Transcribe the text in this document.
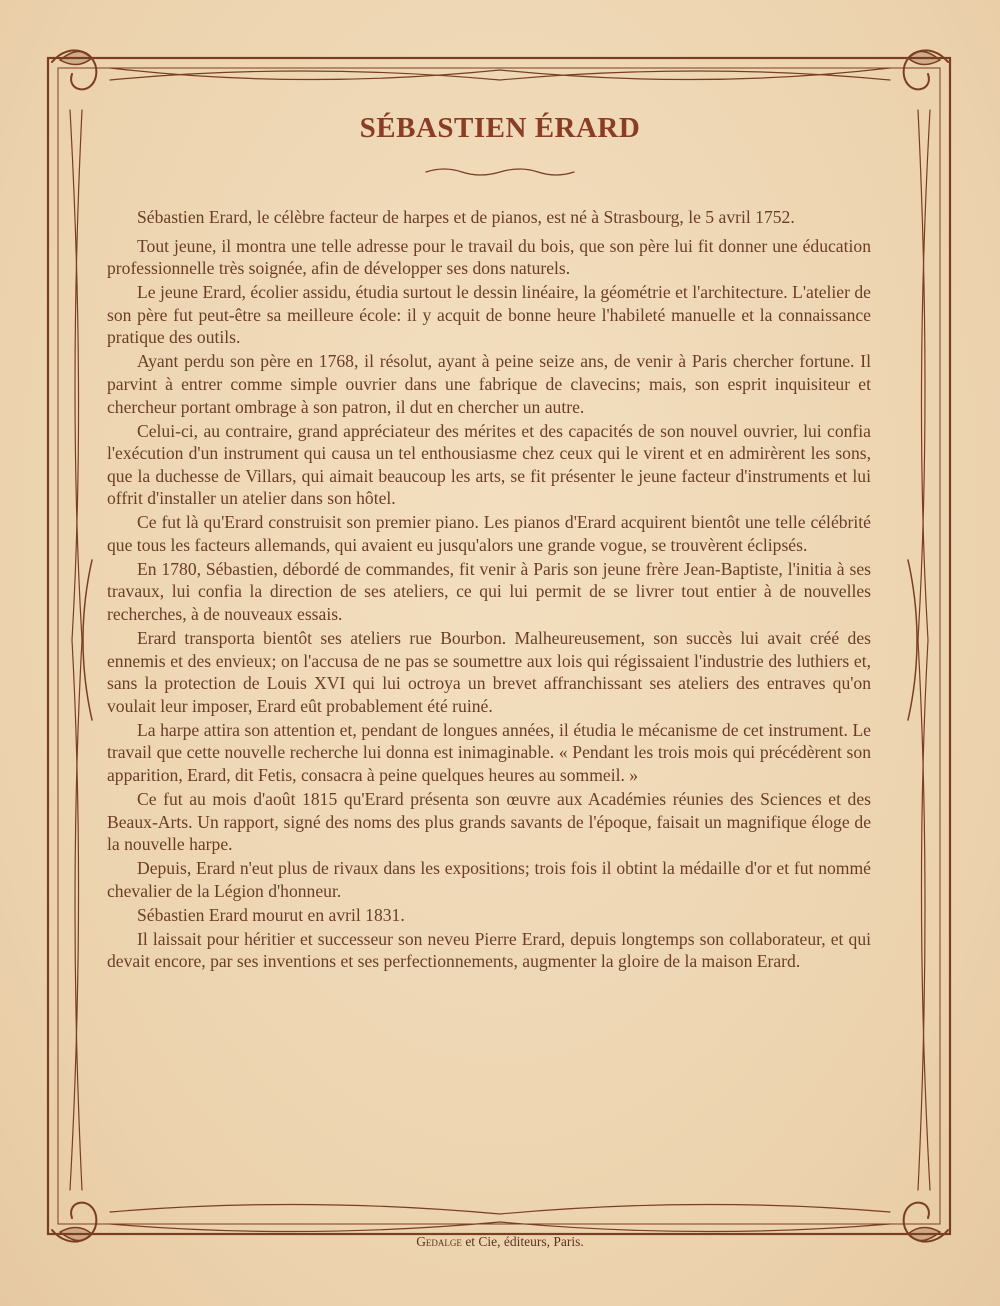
SÉBASTIEN ÉRARD

Sébastien Erard, le célèbre facteur de harpes et de pianos, est né à Strasbourg, le 5 avril 1752.

Tout jeune, il montra une telle adresse pour le travail du bois, que son père lui fit donner une éducation professionnelle très soignée, afin de développer ses dons naturels.

Le jeune Erard, écolier assidu, étudia surtout le dessin linéaire, la géométrie et l'architecture. L'atelier de son père fut peut-être sa meilleure école: il y acquit de bonne heure l'habileté manuelle et la connaissance pratique des outils.

Ayant perdu son père en 1768, il résolut, ayant à peine seize ans, de venir à Paris chercher fortune. Il parvint à entrer comme simple ouvrier dans une fabrique de clavecins; mais, son esprit inquisiteur et chercheur portant ombrage à son patron, il dut en chercher un autre.

Celui-ci, au contraire, grand appréciateur des mérites et des capacités de son nouvel ouvrier, lui confia l'exécution d'un instrument qui causa un tel enthousiasme chez ceux qui le virent et en admirèrent les sons, que la duchesse de Villars, qui aimait beaucoup les arts, se fit présenter le jeune facteur d'instruments et lui offrit d'installer un atelier dans son hôtel.

Ce fut là qu'Erard construisit son premier piano. Les pianos d'Erard acquirent bientôt une telle célébrité que tous les facteurs allemands, qui avaient eu jusqu'alors une grande vogue, se trouvèrent éclipsés.

En 1780, Sébastien, débordé de commandes, fit venir à Paris son jeune frère Jean-Baptiste, l'initia à ses travaux, lui confia la direction de ses ateliers, ce qui lui permit de se livrer tout entier à de nouvelles recherches, à de nouveaux essais.

Erard transporta bientôt ses ateliers rue Bourbon. Malheureusement, son succès lui avait créé des ennemis et des envieux; on l'accusa de ne pas se soumettre aux lois qui régissaient l'industrie des luthiers et, sans la protection de Louis XVI qui lui octroya un brevet affranchissant ses ateliers des entraves qu'on voulait leur imposer, Erard eût probablement été ruiné.

La harpe attira son attention et, pendant de longues années, il étudia le mécanisme de cet instrument. Le travail que cette nouvelle recherche lui donna est inimaginable. « Pendant les trois mois qui précédèrent son apparition, Erard, dit Fetis, consacra à peine quelques heures au sommeil. »

Ce fut au mois d'août 1815 qu'Erard présenta son œuvre aux Académies réunies des Sciences et des Beaux-Arts. Un rapport, signé des noms des plus grands savants de l'époque, faisait un magnifique éloge de la nouvelle harpe.

Depuis, Erard n'eut plus de rivaux dans les expositions; trois fois il obtint la médaille d'or et fut nommé chevalier de la Légion d'honneur.

Sébastien Erard mourut en avril 1831.

Il laissait pour héritier et successeur son neveu Pierre Erard, depuis longtemps son collaborateur, et qui devait encore, par ses inventions et ses perfectionnements, augmenter la gloire de la maison Erard.

Gedalge et Cie, éditeurs, Paris.
